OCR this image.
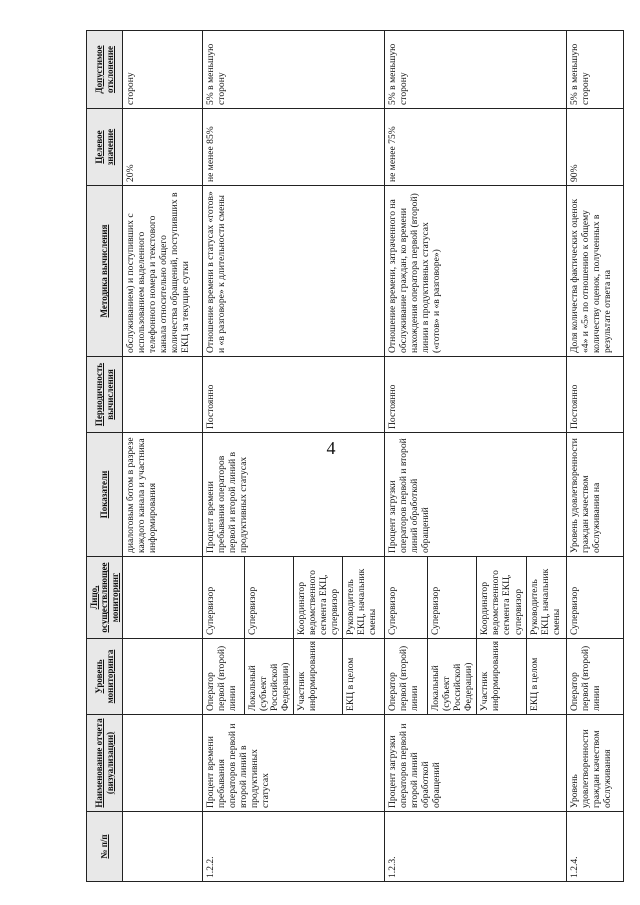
4
№ п/п	Наименование отчета (визуализации)	Уровень мониторинга	Лицо, осуществляющее мониторинг	Показатели	Периодичность вычисления	Методика вычисления	Целевое значение	Допустимое отклонение
				диалоговым ботом в разрезе каждого канала и участника информирования		обслуживанием) и поступивших с использованием выделенного телефонного номера и текстового канала относительно общего количества обращений, поступивших в ЕКЦ за текущие сутки	20%	сторону
1.2.2.	Процент времени пребывания операторов первой и второй линий в продуктивных статусах	Оператор первой (второй) линии	Супервизор	Процент времени пребывания операторов первой и второй линий в продуктивных статусах	Постоянно	Отношение времени в статусах «готов» и «в разговоре» к длительности смены	не менее 85%	5% в меньшую сторону
		Локальный (субъект Российской Федерации)	Супервизор					
		Участник информирования	Координатор ведомственного сегмента ЕКЦ, супервизор					
		ЕКЦ в целом	Руководитель ЕКЦ, начальник смены					
1.2.3.	Процент загрузки операторов первой и второй линий обработкой обращений	Оператор первой (второй) линии	Супервизор	Процент загрузки операторов первой и второй линий обработкой обращений	Постоянно	Отношение времени, затраченного на обслуживание граждан, ко времени нахождения оператора первой (второй) линии в продуктивных статусах («готов» и «в разговоре»)	не менее 75%	5% в меньшую сторону
		Локальный (субъект Российской Федерации)	Супервизор					
		Участник информирования	Координатор ведомственного сегмента ЕКЦ, супервизор					
		ЕКЦ в целом	Руководитель ЕКЦ, начальник смены					
1.2.4.	Уровень удовлетворенности граждан качеством обслуживания	Оператор первой (второй) линии	Супервизор	Уровень удовлетворенности граждан качеством обслуживания на	Постоянно	Доля количества фактических оценок «4» и «5» по отношению к общему количеству оценок, полученных в результате ответа на	90%	5% в меньшую сторону
